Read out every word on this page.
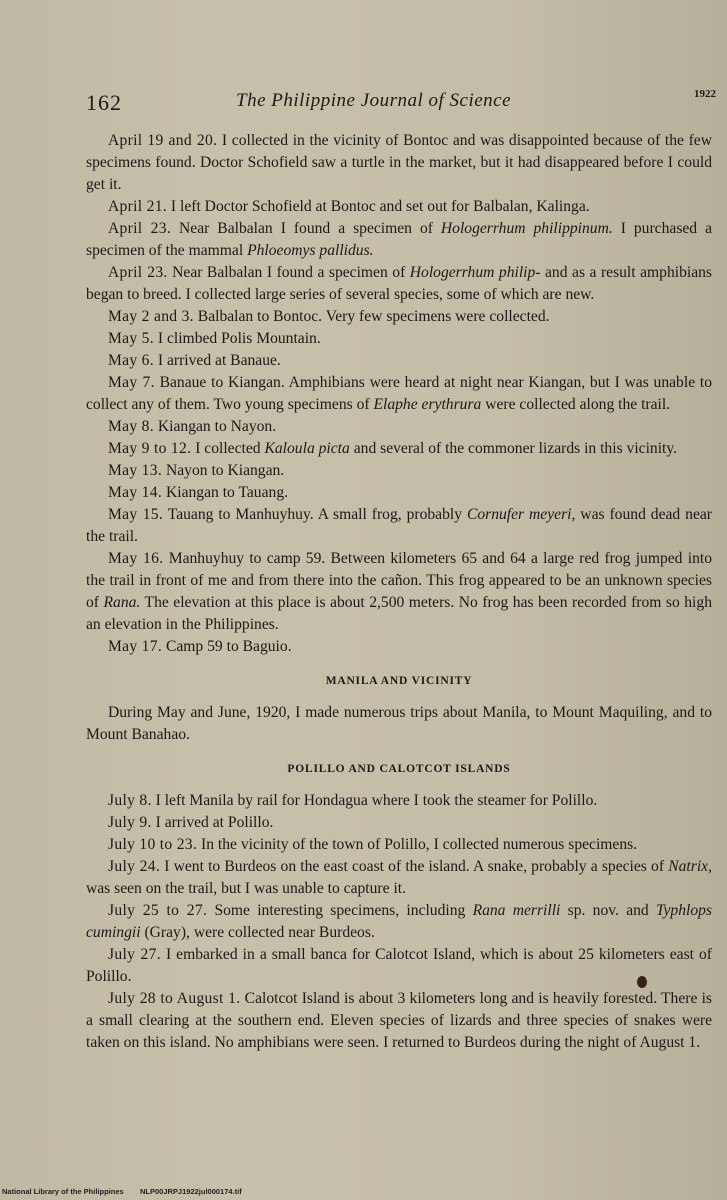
162	The Philippine Journal of Science	1922

April 19 and 20. I collected in the vicinity of Bontoc and was disappointed because of the few specimens found. Doctor Schofield saw a turtle in the market, but it had disappeared before I could get it.

April 21. I left Doctor Schofield at Bontoc and set out for Balbalan, Kalinga.

April 23. Near Balbalan I found a specimen of Hologerrhum philippinum. I purchased a specimen of the mammal Phloeomys pallidus.

April 23. Near Balbalan I found a specimen of Hologerrhum philip- and as a result amphibians began to breed. I collected large series of several species, some of which are new.

May 2 and 3. Balbalan to Bontoc. Very few specimens were collected.

May 5. I climbed Polis Mountain.

May 6. I arrived at Banaue.

May 7. Banaue to Kiangan. Amphibians were heard at night near Kiangan, but I was unable to collect any of them. Two young specimens of Elaphe erythrura were collected along the trail.

May 8. Kiangan to Nayon.

May 9 to 12. I collected Kaloula picta and several of the commoner lizards in this vicinity.

May 13. Nayon to Kiangan.

May 14. Kiangan to Tauang.

May 15. Tauang to Manhuyhuy. A small frog, probably Cornufer meyeri, was found dead near the trail.

May 16. Manhuyhuy to camp 59. Between kilometers 65 and 64 a large red frog jumped into the trail in front of me and from there into the cañon. This frog appeared to be an unknown species of Rana. The elevation at this place is about 2,500 meters. No frog has been recorded from so high an elevation in the Philippines.

May 17. Camp 59 to Baguio.

MANILA AND VICINITY

During May and June, 1920, I made numerous trips about Manila, to Mount Maquiling, and to Mount Banahao.

POLILLO AND CALOTCOT ISLANDS

July 8. I left Manila by rail for Hondagua where I took the steamer for Polillo.

July 9. I arrived at Polillo.

July 10 to 23. In the vicinity of the town of Polillo, I collected numerous specimens.

July 24. I went to Burdeos on the east coast of the island. A snake, probably a species of Natrix, was seen on the trail, but I was unable to capture it.

July 25 to 27. Some interesting specimens, including Rana merrilli sp. nov. and Typhlops cumingii (Gray), were collected near Burdeos.

July 27. I embarked in a small banca for Calotcot Island, which is about 25 kilometers east of Polillo.

July 28 to August 1. Calotcot Island is about 3 kilometers long and is heavily forested. There is a small clearing at the southern end. Eleven species of lizards and three species of snakes were taken on this island. No amphibians were seen. I returned to Burdeos during the night of August 1.

National Library of the Philippines NLP00JRPJ1922jul000174.tif
